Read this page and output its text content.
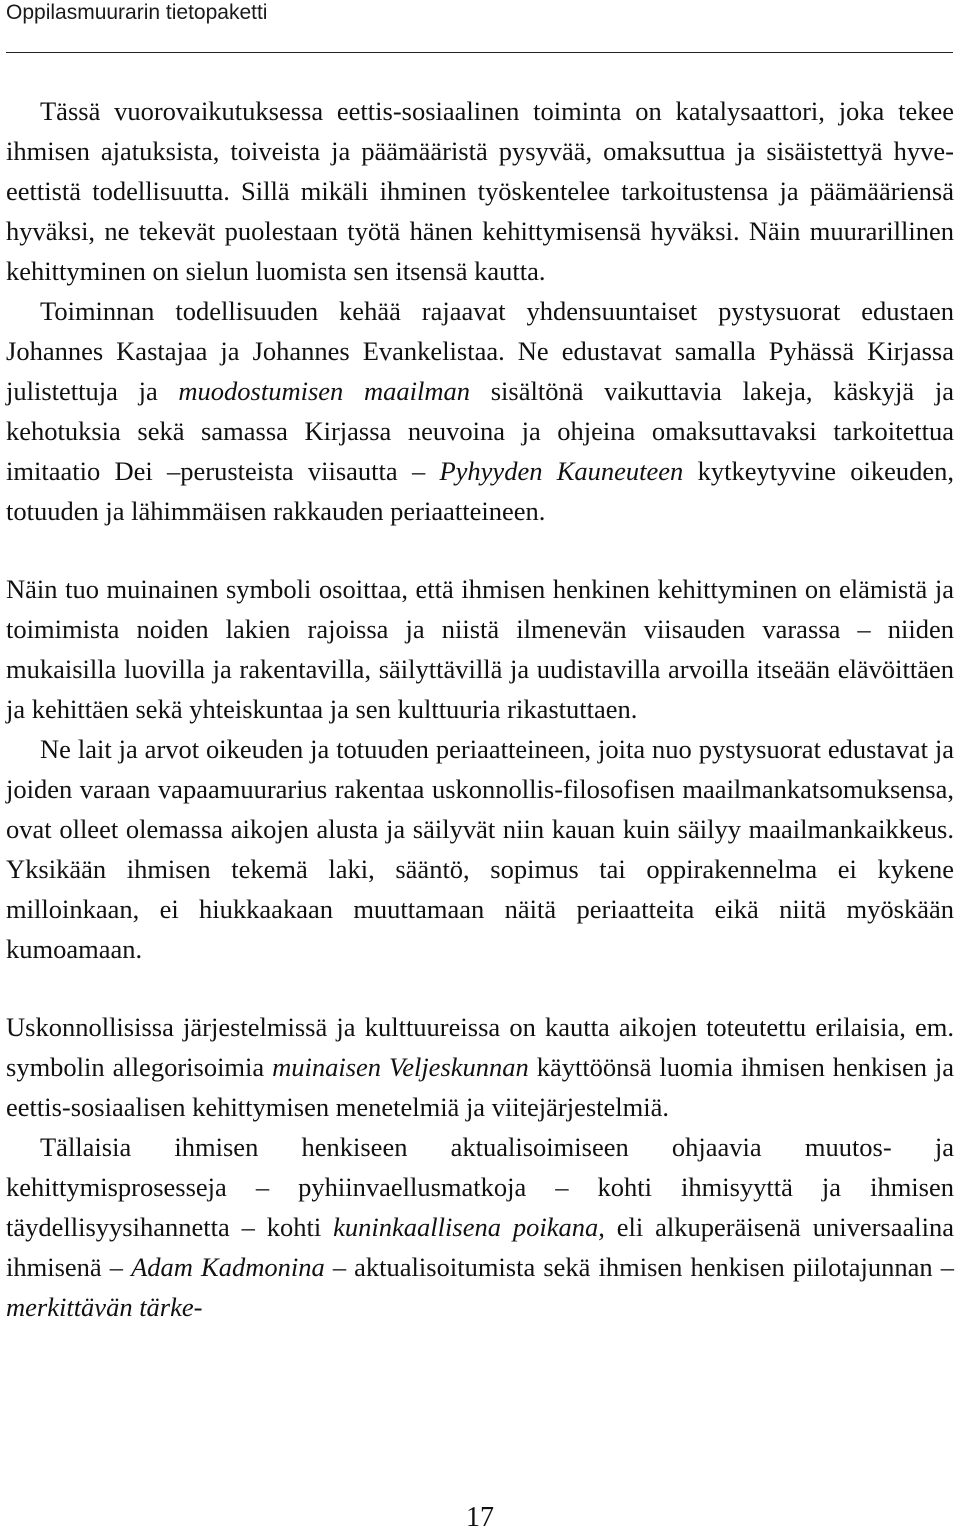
Oppilasmuurarin tietopaketti

Tässä vuorovaikutuksessa eettis-sosiaalinen toiminta on katalysaattori, joka tekee ihmisen ajatuksista, toiveista ja päämääristä pysyvää, omaksuttua ja sisäistettyä hyve-eettistä todellisuutta. Sillä mikäli ihminen työskentelee tarkoitustensa ja päämääriensä hyväksi, ne tekevät puolestaan työtä hänen kehittymisensä hyväksi. Näin muurarillinen kehittyminen on sielun luomista sen itsensä kautta.

Toiminnan todellisuuden kehää rajaavat yhdensuuntaiset pystysuorat edustaen Johannes Kastajaa ja Johannes Evankelistaa. Ne edustavat samalla Pyhässä Kirjassa julistettuja ja muodostumisen maailman sisältönä vaikuttavia lakeja, käskyjä ja kehotuksia sekä samassa Kirjassa neuvoina ja ohjeina omaksuttavaksi tarkoitettua imitaatio Dei –perusteista viisautta – Pyhyyden Kauneuteen kytkeytyvine oikeuden, totuuden ja lähimmäisen rakkauden periaatteineen.

Näin tuo muinainen symboli osoittaa, että ihmisen henkinen kehittyminen on elämistä ja toimimista noiden lakien rajoissa ja niistä ilmenevän viisauden varassa – niiden mukaisilla luovilla ja rakentavilla, säilyttävillä ja uudistavilla arvoilla itseään elävöittäen ja kehittäen sekä yhteiskuntaa ja sen kulttuuria rikastuttaen.

Ne lait ja arvot oikeuden ja totuuden periaatteineen, joita nuo pystysuorat edustavat ja joiden varaan vapaamuurarius rakentaa uskonnollis-filosofisen maailmankatsomuksensa, ovat olleet olemassa aikojen alusta ja säilyvät niin kauan kuin säilyy maailmankaikkeus. Yksikään ihmisen tekemä laki, sääntö, sopimus tai oppirakennelma ei kykene milloinkaan, ei hiukkaakaan muuttamaan näitä periaatteita eikä niitä myöskään kumoamaan.

Uskonnollisissa järjestelmissä ja kulttuureissa on kautta aikojen toteutettu erilaisia, em. symbolin allegorisoimia muinaisen Veljeskunnan käyttöönsä luomia ihmisen henkisen ja eettis-sosiaalisen kehittymisen menetelmiä ja viitejärjestelmiä.

Tällaisia ihmisen henkiseen aktualisoimiseen ohjaavia muutos- ja kehittymisprosesseja – pyhiinvaellusmatkoja – kohti ihmisyyttä ja ihmisen täydellisyysihannetta – kohti kuninkaallisena poikana, eli alkuperäisenä universaalina ihmisenä – Adam Kadmonina – aktualisoitumista sekä ihmisen henkisen piilotajunnan – merkittävän tärke-

17
